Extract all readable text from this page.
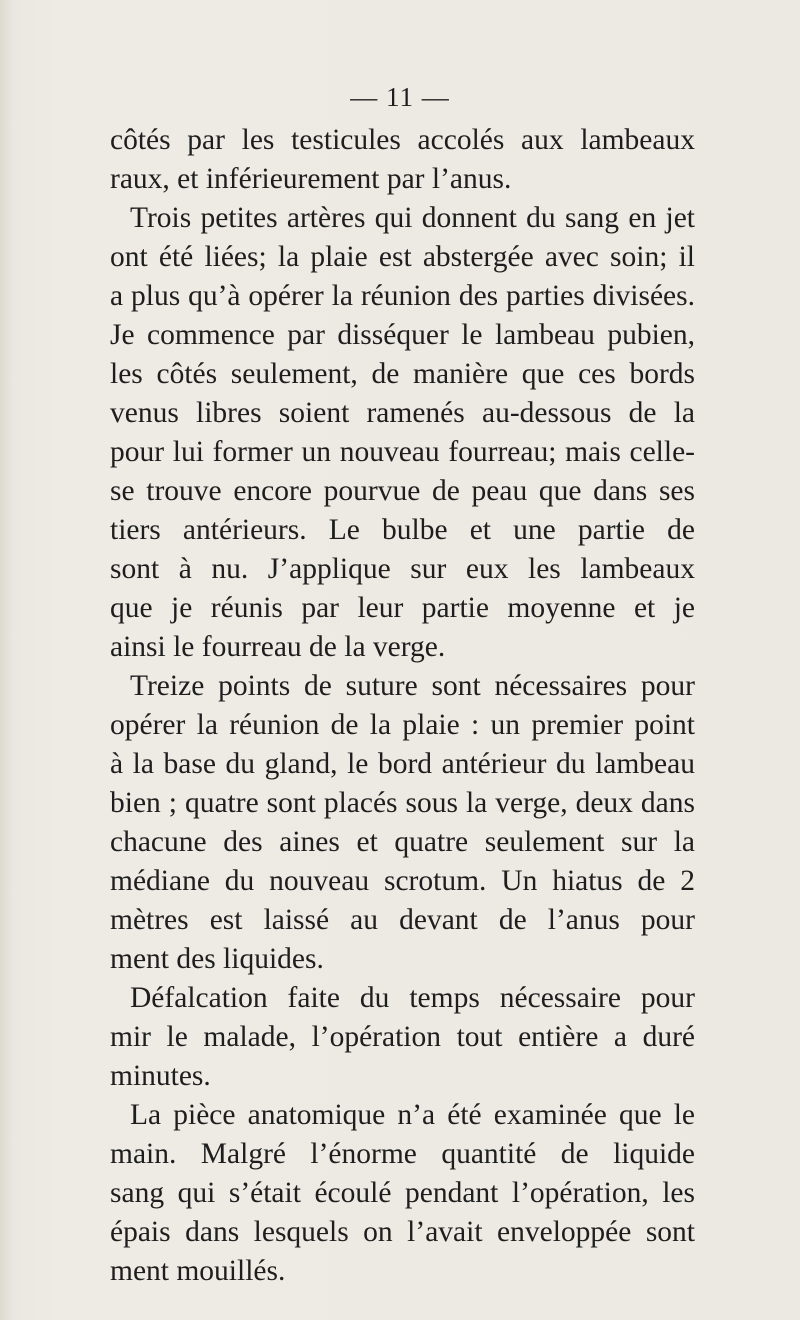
— 11 —
côtés par les testicules accolés aux lambeaux
raux, et inférieurement par l’anus.
Trois petites artères qui donnent du sang en jet
ont été liées; la plaie est abstergée avec soin; il
a plus qu’à opérer la réunion des parties divisées.
Je commence par disséquer le lambeau pubien,
les côtés seulement, de manière que ces bords
venus libres soient ramenés au-dessous de la
pour lui former un nouveau fourreau; mais celle-
se trouve encore pourvue de peau que dans ses
tiers antérieurs. Le bulbe et une partie de
sont à nu. J’applique sur eux les lambeaux
que je réunis par leur partie moyenne et je
ainsi le fourreau de la verge.
Treize points de suture sont nécessaires pour
opérer la réunion de la plaie : un premier point
à la base du gland, le bord antérieur du lambeau
bien ; quatre sont placés sous la verge, deux dans
chacune des aines et quatre seulement sur la
médiane du nouveau scrotum. Un hiatus de 2
mètres est laissé au devant de l’anus pour
ment des liquides.
Défalcation faite du temps nécessaire pour
mir le malade, l’opération tout entière a duré
minutes.
La pièce anatomique n’a été examinée que le
main. Malgré l’énorme quantité de liquide
sang qui s’était écoulé pendant l’opération, les
épais dans lesquels on l’avait enveloppée sont
ment mouillés.
